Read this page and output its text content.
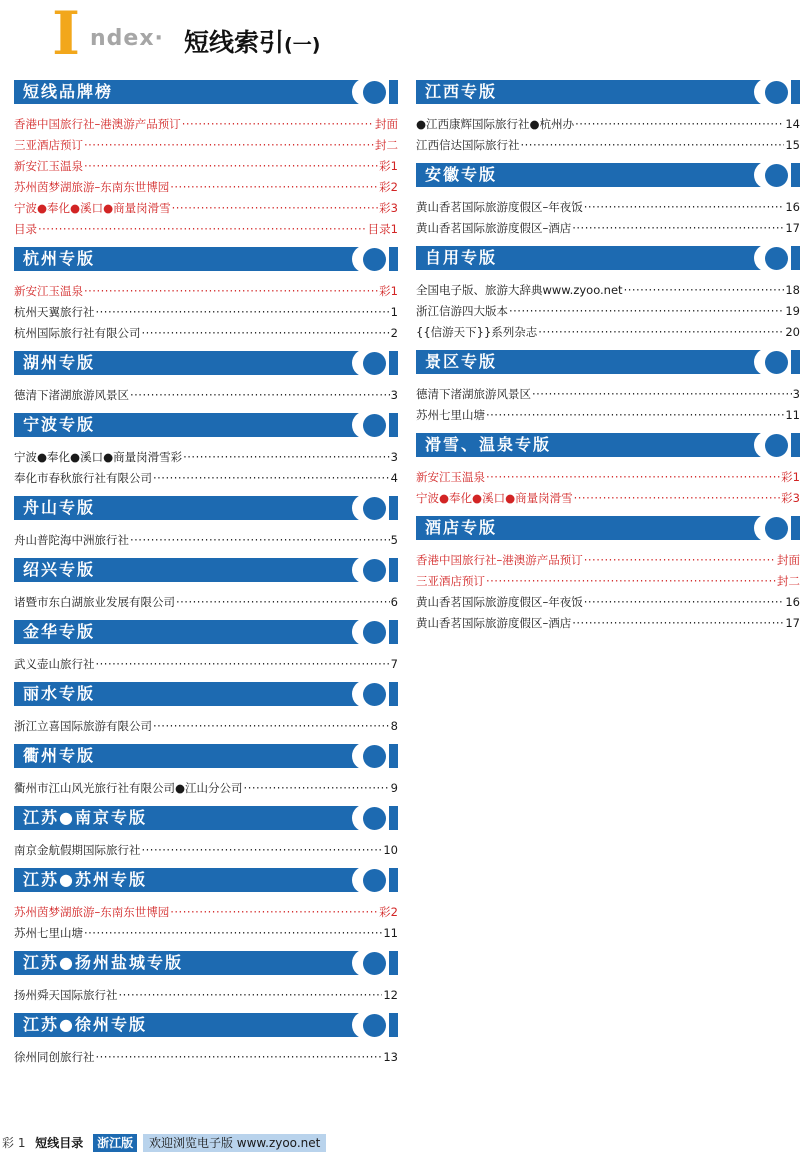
I ndex· 短线索引(一)
短线品牌榜
香港中国旅行社–港澳游产品预订 ·····	封面
三亚酒店预订 ·····	封二
新安江玉温泉 ·····	彩1
苏州茵梦湖旅游–东南东世博园 ·····	彩2
宁波●奉化●溪口●商量岗滑雪 ·····	彩3
目录 ·····	目录1
杭州专版
新安江玉温泉 ·····	彩1
杭州天翼旅行社 ·····	1
杭州国际旅行社有限公司 ·····	2
湖州专版
德清下渚湖旅游风景区 ·····	3
宁波专版
宁波●奉化●溪口●商量岗滑雪彩 ·····	3
奉化市春秋旅行社有限公司 ·····	4
舟山专版
舟山普陀海中洲旅行社 ·····	5
绍兴专版
诸暨市东白湖旅业发展有限公司 ·····	6
金华专版
武义壶山旅行社 ·····	7
丽水专版
浙江立喜国际旅游有限公司 ·····	8
衢州专版
衢州市江山风光旅行社有限公司●江山分公司 ·····	9
江苏●南京专版
南京金航假期国际旅行社 ·····	10
江苏●苏州专版
苏州茵梦湖旅游–东南东世博园 ·····	彩2
苏州七里山塘 ·····	11
江苏●扬州盐城专版
扬州舜天国际旅行社 ·····	12
江苏●徐州专版
徐州同创旅行社 ·····	13
江西专版
●江西康辉国际旅行社●杭州办 ·····	14
江西信达国际旅行社 ·····	15
安徽专版
黄山香茗国际旅游度假区–年夜饭 ·····	16
黄山香茗国际旅游度假区–酒店 ·····	17
自用专版
全国电子版、旅游大辞典www.zyoo.net ·····	18
浙江信游四大版本 ·····	19
{{信游天下}}系列杂志 ·····	20
景区专版
德清下渚湖旅游风景区 ·····	3
苏州七里山塘 ·····	11
滑雪、温泉专版
新安江玉温泉 ·····	彩1
宁波●奉化●溪口●商量岗滑雪 ·····	彩3
酒店专版
香港中国旅行社–港澳游产品预订 ·····	封面
三亚酒店预订 ·····	封二
黄山香茗国际旅游度假区–年夜饭 ·····	16
黄山香茗国际旅游度假区–酒店 ·····	17
彩 1 短线目录 浙江版 欢迎浏览电子版 www.zyoo.net
